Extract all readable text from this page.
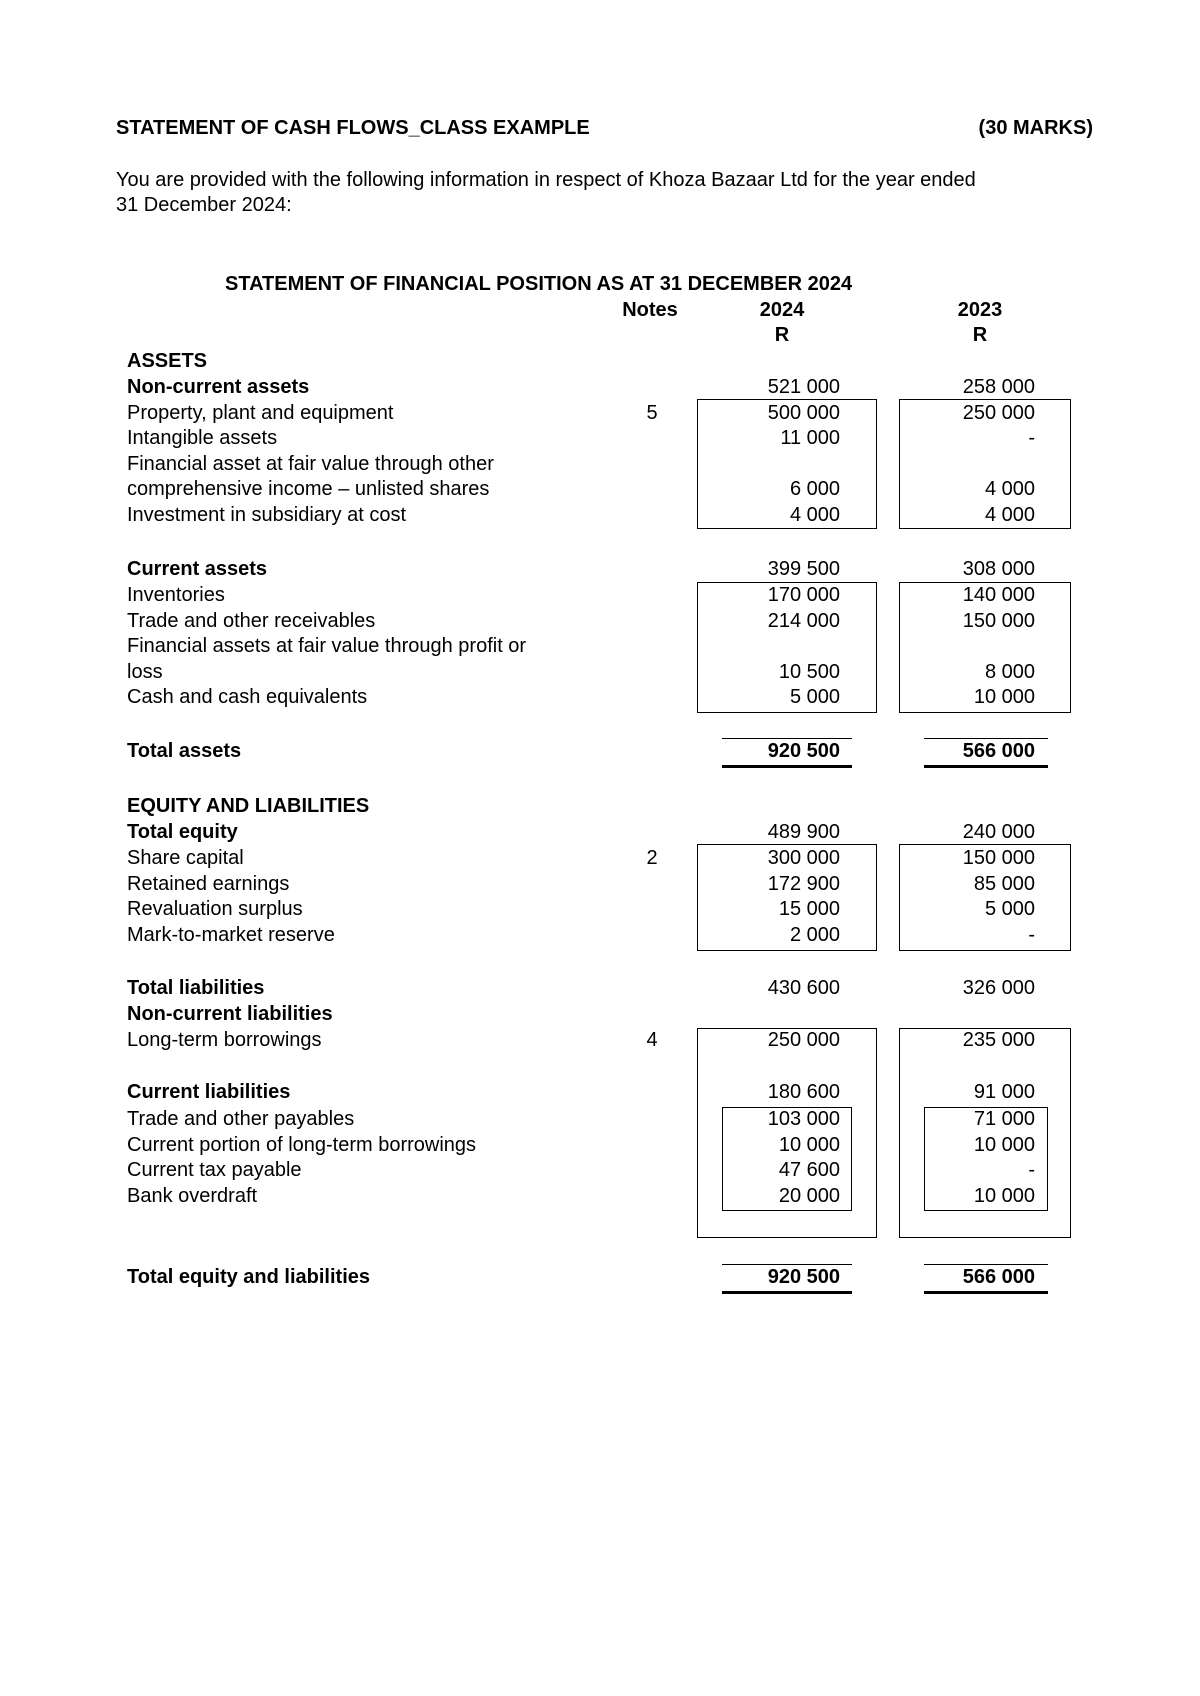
STATEMENT OF CASH FLOWS_CLASS EXAMPLE	(30 MARKS)
You are provided with the following information in respect of Khoza Bazaar Ltd for the year ended
31 December 2024:
STATEMENT OF FINANCIAL POSITION AS AT 31 DECEMBER 2024
Notes	2024	2023
R	R
ASSETS
Non-current assets	521 000	258 000
Property, plant and equipment	5	500 000	250 000
Intangible assets	11 000	-
Financial asset at fair value through other
comprehensive income – unlisted shares	6 000	4 000
Investment in subsidiary at cost	4 000	4 000
Current assets	399 500	308 000
Inventories	170 000	140 000
Trade and other receivables	214 000	150 000
Financial assets at fair value through profit or
loss	10 500	8 000
Cash and cash equivalents	5 000	10 000
Total assets	920 500	566 000
EQUITY AND LIABILITIES
Total equity	489 900	240 000
Share capital	2	300 000	150 000
Retained earnings	172 900	85 000
Revaluation surplus	15 000	5 000
Mark-to-market reserve	2 000	-
Total liabilities	430 600	326 000
Non-current liabilities
Long-term borrowings	4	250 000	235 000
Current liabilities	180 600	91 000
Trade and other payables	103 000	71 000
Current portion of long-term borrowings	10 000	10 000
Current tax payable	47 600	-
Bank overdraft	20 000	10 000
Total equity and liabilities	920 500	566 000
